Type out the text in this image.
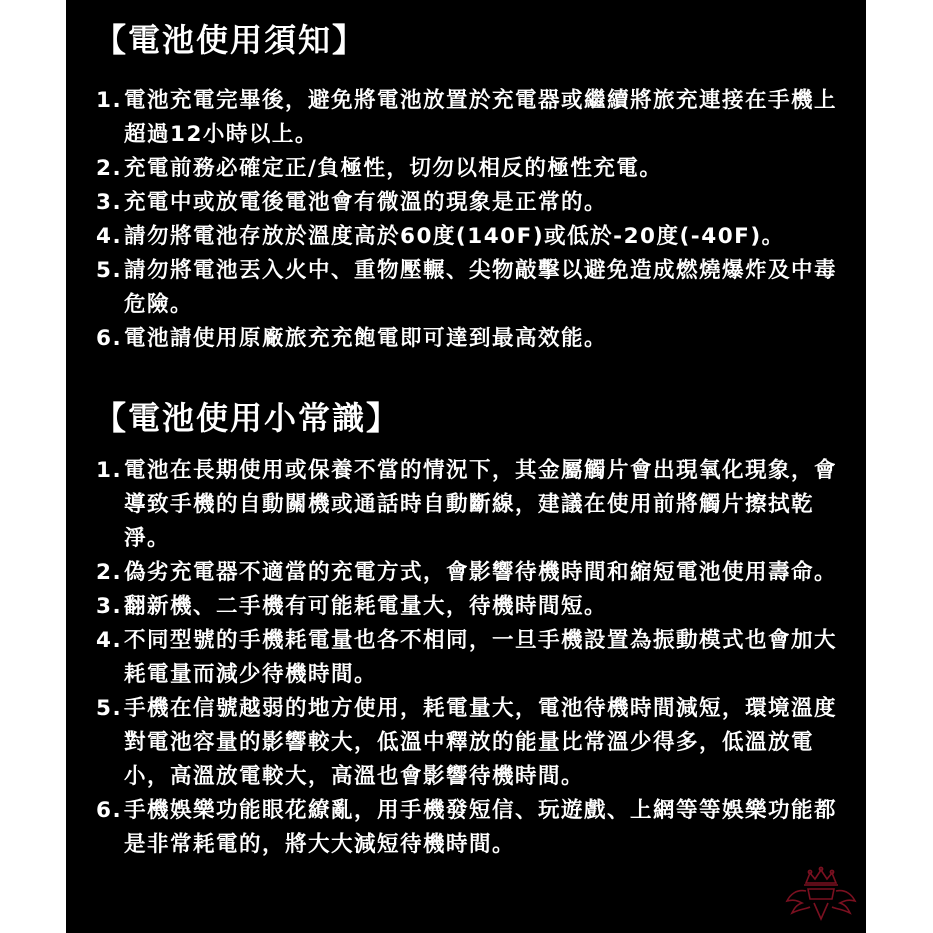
【電池使用須知】
1. 電池充電完畢後，避免將電池放置於充電器或繼續將旅充連接在手機上超過12小時以上。
2. 充電前務必確定正/負極性，切勿以相反的極性充電。
3. 充電中或放電後電池會有微溫的現象是正常的。
4. 請勿將電池存放於溫度高於60度(140F)或低於-20度(-40F)。
5. 請勿將電池丟入火中、重物壓輾、尖物敲擊以避免造成燃燒爆炸及中毒危險。
6. 電池請使用原廠旅充充飽電即可達到最高效能。
【電池使用小常識】
1. 電池在長期使用或保養不當的情況下，其金屬觸片會出現氧化現象，會導致手機的自動關機或通話時自動斷線，建議在使用前將觸片擦拭乾淨。
2. 偽劣充電器不適當的充電方式，會影響待機時間和縮短電池使用壽命。
3. 翻新機、二手機有可能耗電量大，待機時間短。
4. 不同型號的手機耗電量也各不相同，一旦手機設置為振動模式也會加大耗電量而減少待機時間。
5. 手機在信號越弱的地方使用，耗電量大，電池待機時間減短，環境溫度對電池容量的影響較大，低溫中釋放的能量比常溫少得多，低溫放電小，高溫放電較大，高溫也會影響待機時間。
6. 手機娛樂功能眼花繚亂，用手機發短信、玩遊戲、上網等等娛樂功能都是非常耗電的，將大大減短待機時間。
